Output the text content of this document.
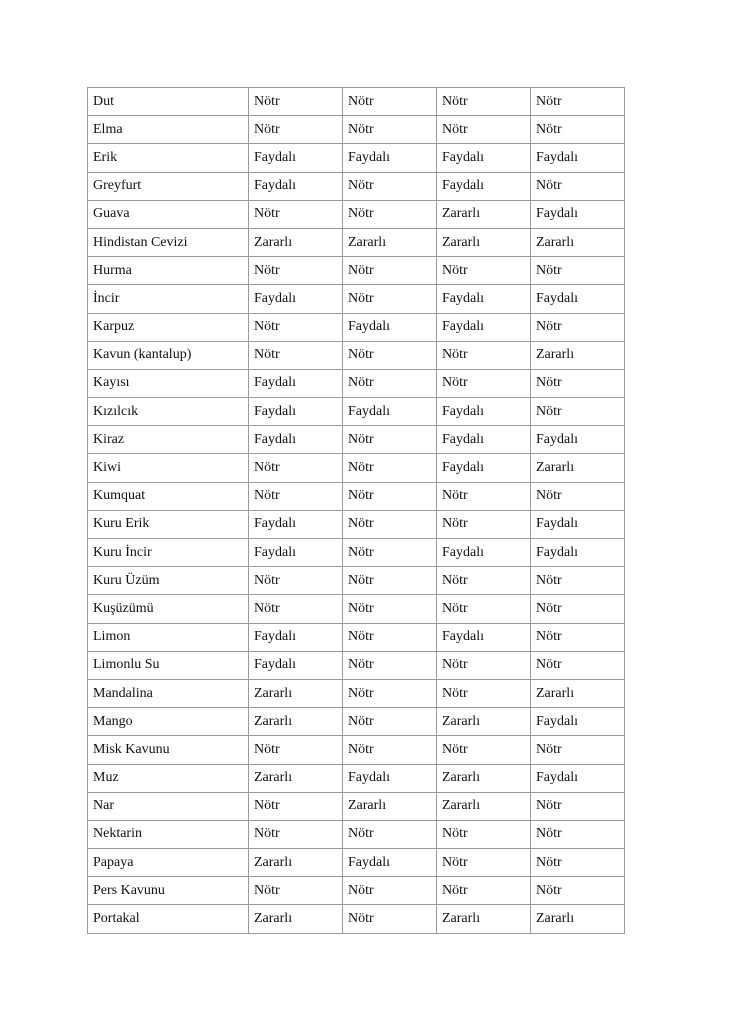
Dut	Nötr	Nötr	Nötr	Nötr
Elma	Nötr	Nötr	Nötr	Nötr
Erik	Faydalı	Faydalı	Faydalı	Faydalı
Greyfurt	Faydalı	Nötr	Faydalı	Nötr
Guava	Nötr	Nötr	Zararlı	Faydalı
Hindistan Cevizi	Zararlı	Zararlı	Zararlı	Zararlı
Hurma	Nötr	Nötr	Nötr	Nötr
İncir	Faydalı	Nötr	Faydalı	Faydalı
Karpuz	Nötr	Faydalı	Faydalı	Nötr
Kavun (kantalup)	Nötr	Nötr	Nötr	Zararlı
Kayısı	Faydalı	Nötr	Nötr	Nötr
Kızılcık	Faydalı	Faydalı	Faydalı	Nötr
Kiraz	Faydalı	Nötr	Faydalı	Faydalı
Kiwi	Nötr	Nötr	Faydalı	Zararlı
Kumquat	Nötr	Nötr	Nötr	Nötr
Kuru Erik	Faydalı	Nötr	Nötr	Faydalı
Kuru İncir	Faydalı	Nötr	Faydalı	Faydalı
Kuru Üzüm	Nötr	Nötr	Nötr	Nötr
Kuşüzümü	Nötr	Nötr	Nötr	Nötr
Limon	Faydalı	Nötr	Faydalı	Nötr
Limonlu Su	Faydalı	Nötr	Nötr	Nötr
Mandalina	Zararlı	Nötr	Nötr	Zararlı
Mango	Zararlı	Nötr	Zararlı	Faydalı
Misk Kavunu	Nötr	Nötr	Nötr	Nötr
Muz	Zararlı	Faydalı	Zararlı	Faydalı
Nar	Nötr	Zararlı	Zararlı	Nötr
Nektarin	Nötr	Nötr	Nötr	Nötr
Papaya	Zararlı	Faydalı	Nötr	Nötr
Pers Kavunu	Nötr	Nötr	Nötr	Nötr
Portakal	Zararlı	Nötr	Zararlı	Zararlı
